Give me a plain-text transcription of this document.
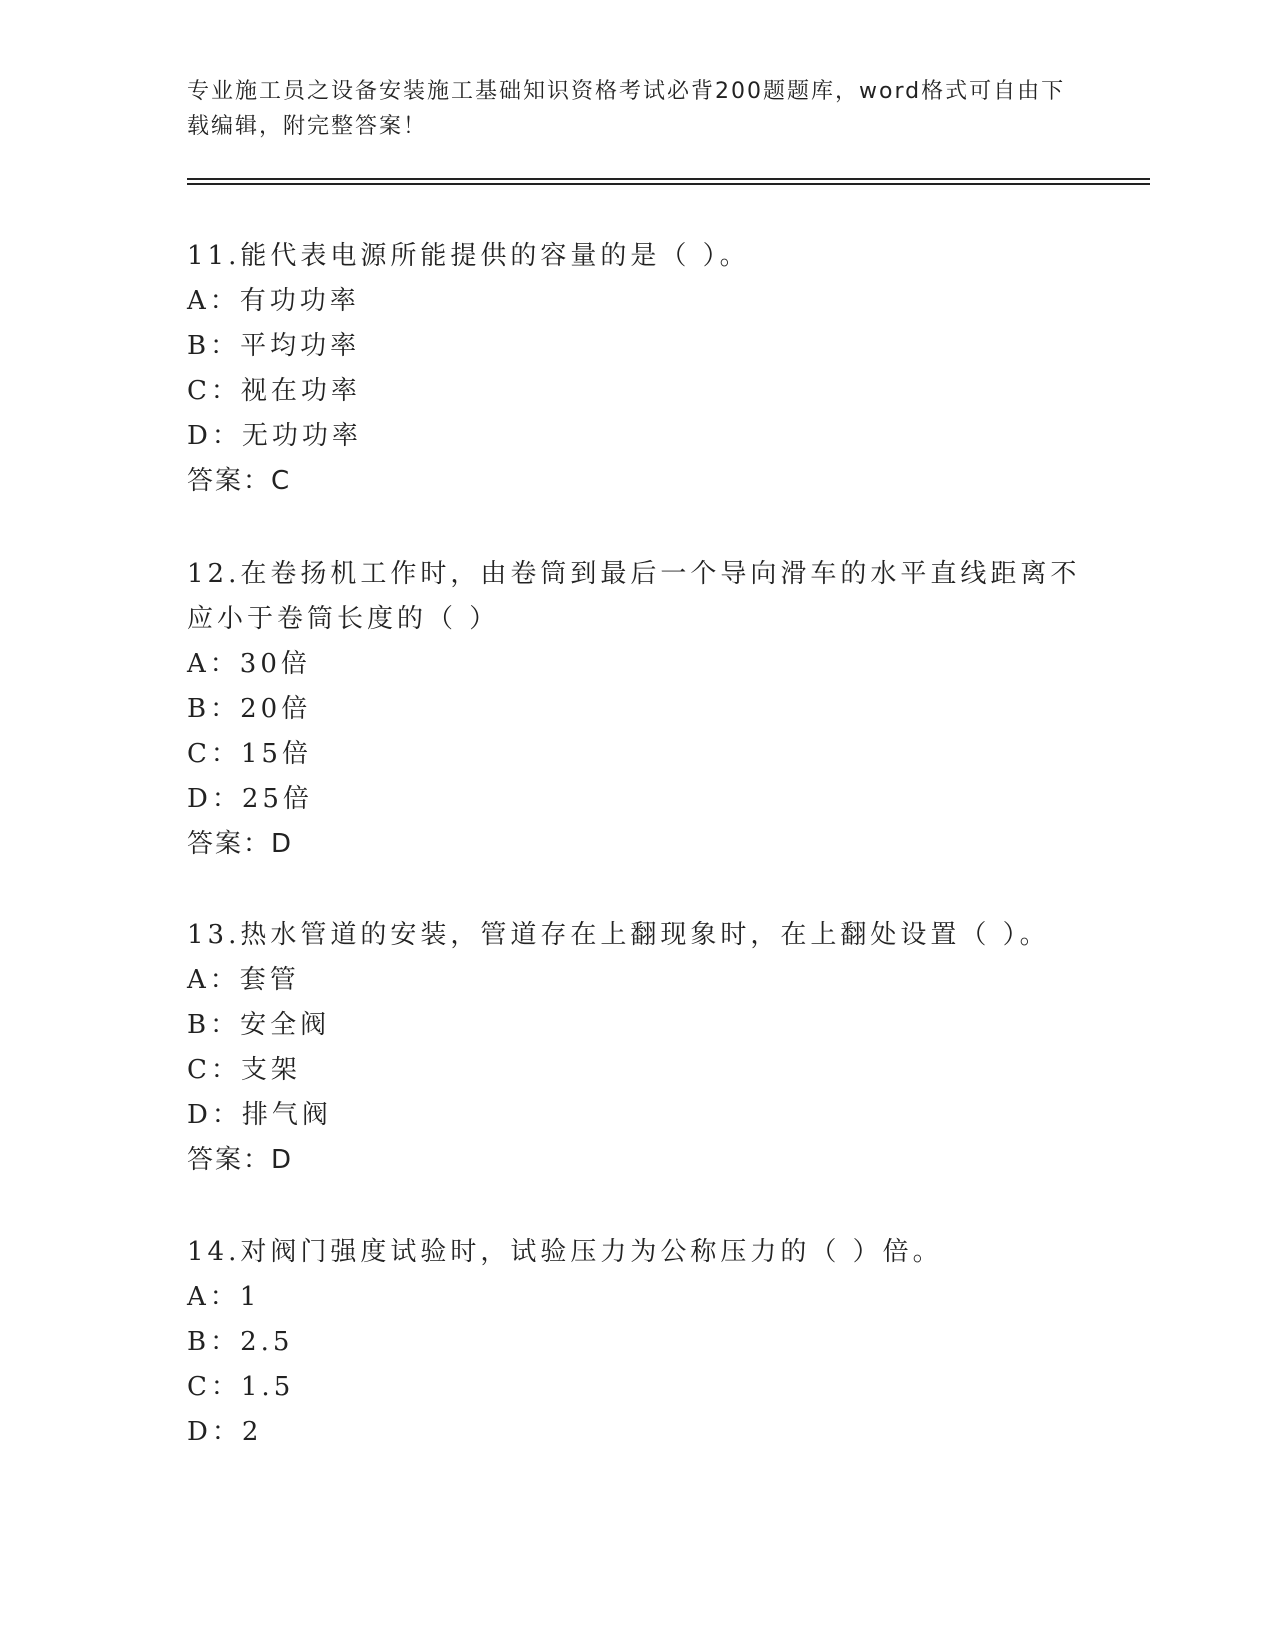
专业施工员之设备安装施工基础知识资格考试必背200题题库，word格式可自由下载编辑，附完整答案！
11.能代表电源所能提供的容量的是（ ）。
A：有功功率
B：平均功率
C：视在功率
D：无功功率
答案：C
12.在卷扬机工作时，由卷筒到最后一个导向滑车的水平直线距离不应小于卷筒长度的（ ）
A：30倍
B：20倍
C：15倍
D：25倍
答案：D
13.热水管道的安装，管道存在上翻现象时，在上翻处设置（ ）。
A：套管
B：安全阀
C：支架
D：排气阀
答案：D
14.对阀门强度试验时，试验压力为公称压力的（ ）倍。
A：1
B：2.5
C：1.5
D：2
